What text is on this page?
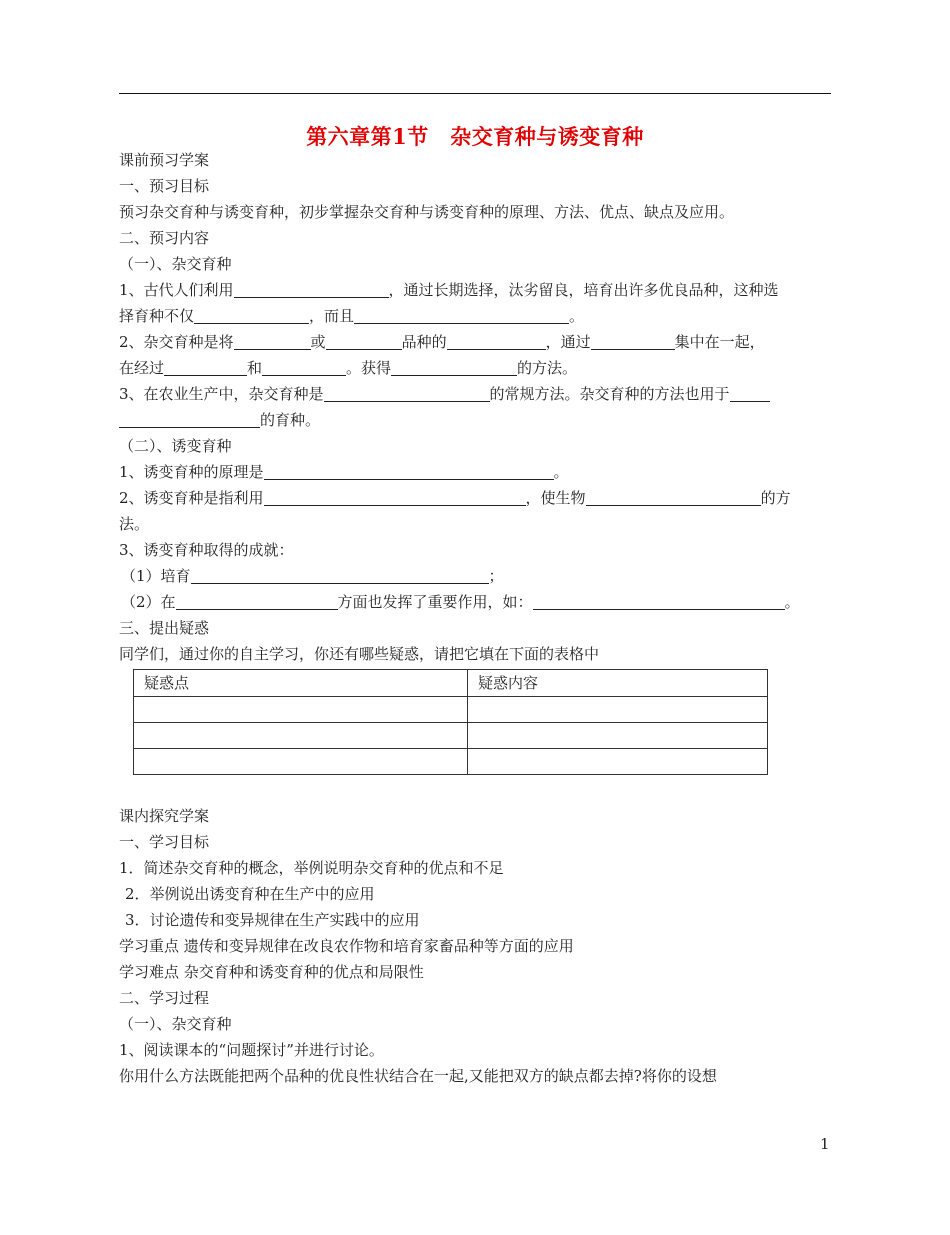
第六章第1节　杂交育种与诱变育种
课前预习学案
一、预习目标
预习杂交育种与诱变育种，初步掌握杂交育种与诱变育种的原理、方法、优点、缺点及应用。
二、预习内容
（一）、杂交育种
1、古代人们利用	，通过长期选择，汰劣留良，培育出许多优良品种，这种选
择育种不仅	，而且	。
2、杂交育种是将	或	品种的	，通过	集中在一起，
在经过	和	。获得	的方法。
3、在农业生产中，杂交育种是	的常规方法。杂交育种的方法也用于
的育种。
（二）、诱变育种
1、诱变育种的原理是	。
2、诱变育种是指利用	，使生物	的方
法。
3、诱变育种取得的成就：
（1）培育	；
（2）在	方面也发挥了重要作用，如：	。
三、提出疑惑
同学们，通过你的自主学习，你还有哪些疑惑，请把它填在下面的表格中
疑惑点	疑惑内容

课内探究学案
一、学习目标
1．简述杂交育种的概念，举例说明杂交育种的优点和不足
2．举例说出诱变育种在生产中的应用
3．讨论遗传和变异规律在生产实践中的应用
学习重点 遗传和变异规律在改良农作物和培育家畜品种等方面的应用
学习难点 杂交育种和诱变育种的优点和局限性
二、学习过程
（一）、杂交育种
1、阅读课本的“问题探讨”并进行讨论。
你用什么方法既能把两个品种的优良性状结合在一起,又能把双方的缺点都去掉?将你的设想
1
